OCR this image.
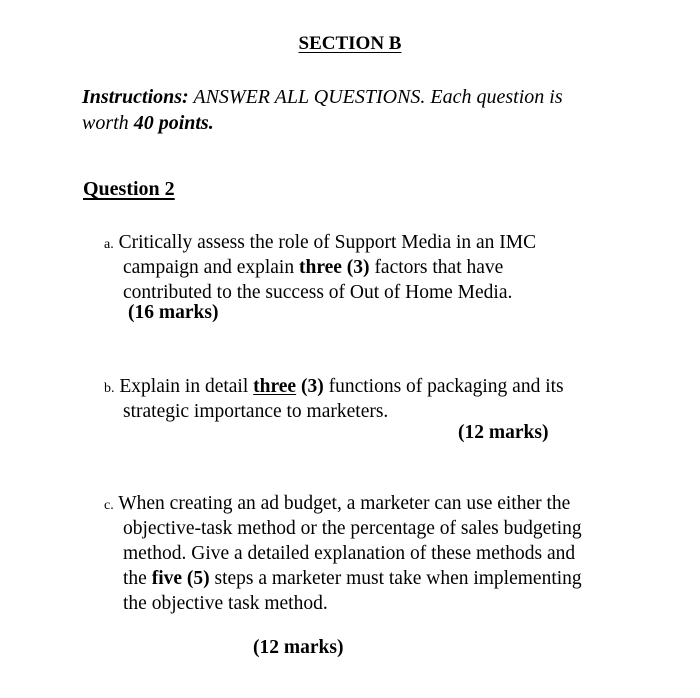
SECTION B
Instructions: ANSWER ALL QUESTIONS. Each question is
worth 40 points.
Question 2
a. Critically assess the role of Support Media in an IMC
campaign and explain three (3) factors that have
contributed to the success of Out of Home Media.
(16 marks)
b. Explain in detail three (3) functions of packaging and its
strategic importance to marketers.
(12 marks)
c. When creating an ad budget, a marketer can use either the
objective-task method or the percentage of sales budgeting
method. Give a detailed explanation of these methods and
the five (5) steps a marketer must take when implementing
the objective task method.
(12 marks)
